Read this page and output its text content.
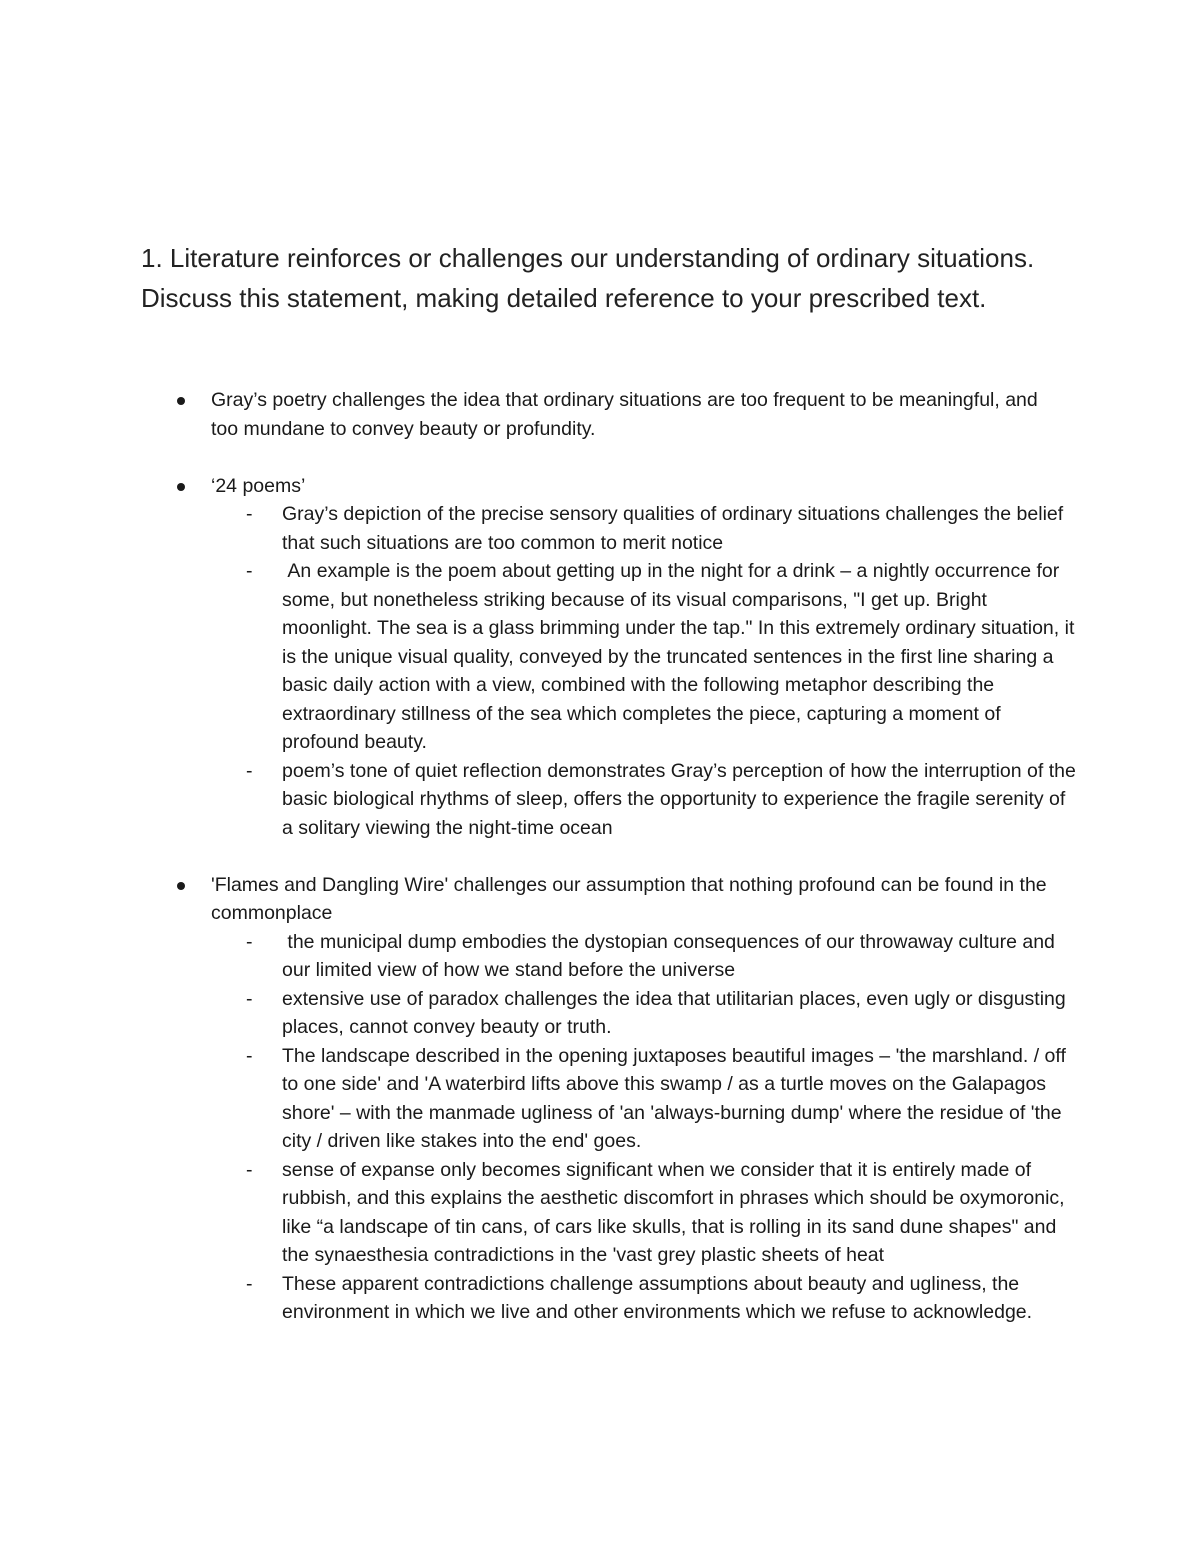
1. Literature reinforces or challenges our understanding of ordinary situations. Discuss this statement, making detailed reference to your prescribed text.

Gray’s poetry challenges the idea that ordinary situations are too frequent to be meaningful, and too mundane to convey beauty or profundity.
‘24 poems’
- Gray’s depiction of the precise sensory qualities of ordinary situations challenges the belief that such situations are too common to merit notice
- An example is the poem about getting up in the night for a drink – a nightly occurrence for some, but nonetheless striking because of its visual comparisons, "I get up. Bright moonlight. The sea is a glass brimming under the tap." In this extremely ordinary situation, it is the unique visual quality, conveyed by the truncated sentences in the first line sharing a basic daily action with a view, combined with the following metaphor describing the extraordinary stillness of the sea which completes the piece, capturing a moment of profound beauty.
- poem’s tone of quiet reflection demonstrates Gray’s perception of how the interruption of the basic biological rhythms of sleep, offers the opportunity to experience the fragile serenity of a solitary viewing the night-time ocean
'Flames and Dangling Wire' challenges our assumption that nothing profound can be found in the commonplace
- the municipal dump embodies the dystopian consequences of our throwaway culture and our limited view of how we stand before the universe
- extensive use of paradox challenges the idea that utilitarian places, even ugly or disgusting places, cannot convey beauty or truth.
- The landscape described in the opening juxtaposes beautiful images – 'the marshland. / off to one side' and 'A waterbird lifts above this swamp / as a turtle moves on the Galapagos shore' – with the manmade ugliness of 'an 'always-burning dump' where the residue of 'the city / driven like stakes into the end' goes.
- sense of expanse only becomes significant when we consider that it is entirely made of rubbish, and this explains the aesthetic discomfort in phrases which should be oxymoronic, like “a landscape of tin cans, of cars like skulls, that is rolling in its sand dune shapes" and the synaesthesia contradictions in the 'vast grey plastic sheets of heat
- These apparent contradictions challenge assumptions about beauty and ugliness, the environment in which we live and other environments which we refuse to acknowledge.
